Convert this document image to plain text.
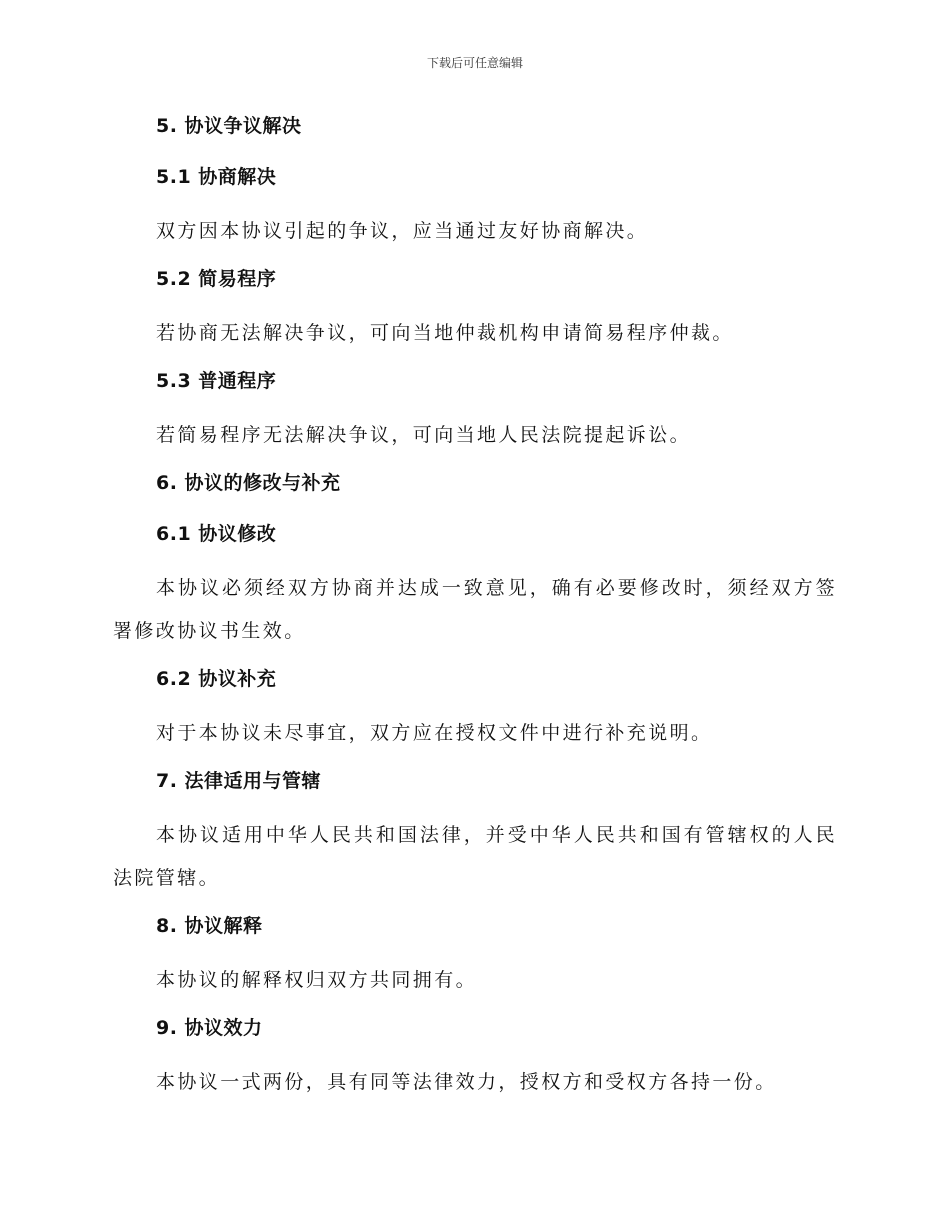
下载后可任意编辑
5. 协议争议解决
5.1 协商解决
双方因本协议引起的争议，应当通过友好协商解决。
5.2 简易程序
若协商无法解决争议，可向当地仲裁机构申请简易程序仲裁。
5.3 普通程序
若简易程序无法解决争议，可向当地人民法院提起诉讼。
6. 协议的修改与补充
6.1 协议修改
本协议必须经双方协商并达成一致意见，确有必要修改时，须经双方签署修改协议书生效。
6.2 协议补充
对于本协议未尽事宜，双方应在授权文件中进行补充说明。
7. 法律适用与管辖
本协议适用中华人民共和国法律，并受中华人民共和国有管辖权的人民法院管辖。
8. 协议解释
本协议的解释权归双方共同拥有。
9. 协议效力
本协议一式两份，具有同等法律效力，授权方和受权方各持一份。
